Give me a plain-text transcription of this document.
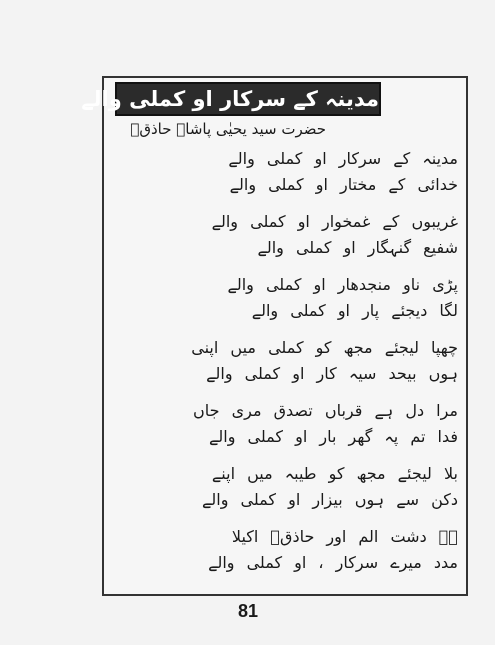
مدینہ کے سرکار او کملی والے
حضرت سید یحیٰی پاشاہ حاذقؔ
مدینہ کے سرکار او کملی والے
خدائی کے مختار او کملی والے
غریبوں کے غمخوار او کملی والے
شفیع گنہگار او کملی والے
پڑی ناو منجدھار او کملی والے
لگا دیجئے پار او کملی والے
چھپا لیجئے مجھ کو کملی میں اپنی
ہوں بیحد سیہ کار او کملی والے
مرا دل ہے قرباں تصدق مری جاں
فدا تم پہ گھر بار او کملی والے
بلا لیجئے مجھ کو طیبہ میں اپنے
دکن سے ہوں بیزار او کملی والے
ہے دشت الم اور حاذقؔ اکیلا
مدد میرے سرکار ، او کملی والے
81
